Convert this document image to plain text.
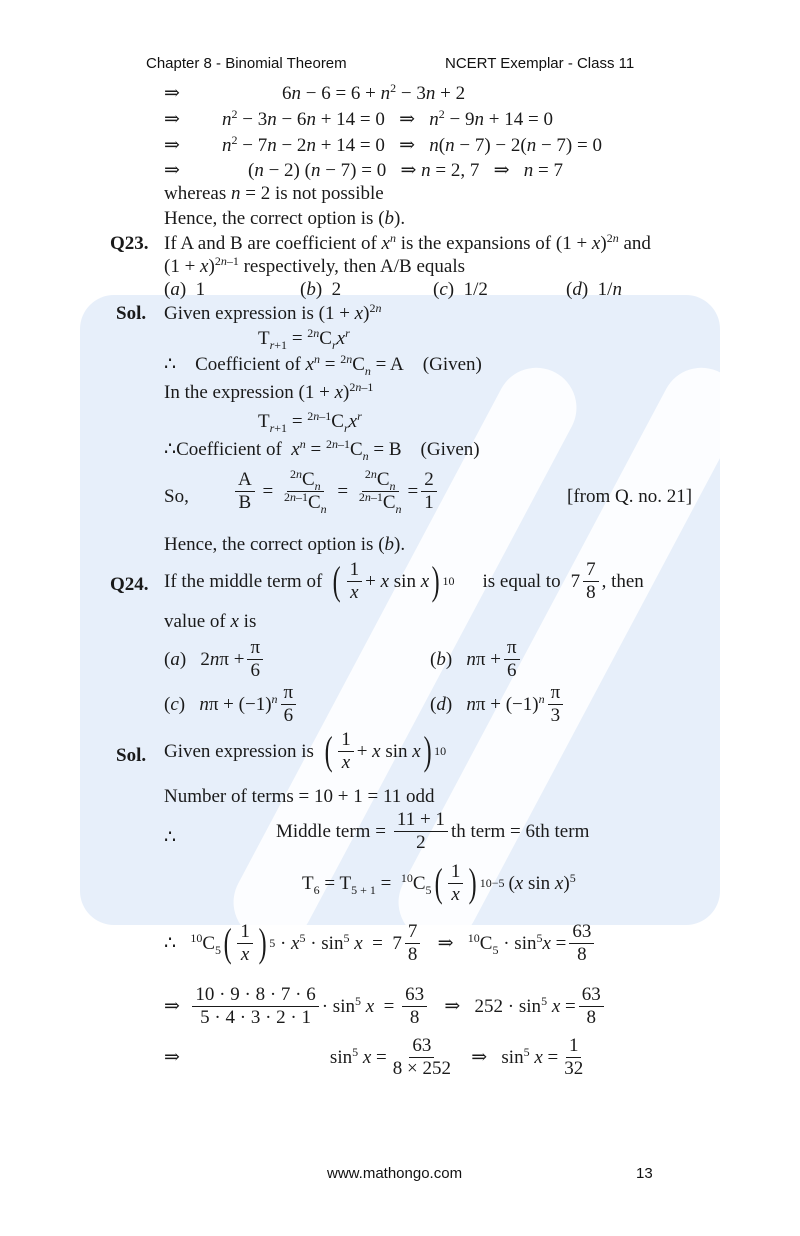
Chapter 8 - Binomial Theorem	NCERT Exemplar - Class 11
⇒	$6n - 6 = 6 + n^2 - 3n + 2$
⇒ $n^2 - 3n - 6n + 14 = 0$   ⇒   $n^2 - 9n + 14 = 0$
⇒ $n^2 - 7n - 2n + 14 = 0$   ⇒   n(n − 7) − 2(n − 7) = 0
⇒	(n − 2) (n − 7) = 0   ⇒ n = 2, 7   ⇒   n = 7
whereas n = 2 is not possible
Hence, the correct option is (b).
Q23. If A and B are coefficient of $x^n$ is the expansions of $(1 + x)^{2n}$ and
$(1 + x)^{2n-1}$ respectively, then A/B equals
(a)  1	(b)  2	(c)  1/2	(d)  1/n
Sol. Given expression is $(1 + x)^{2n}$
$T_{r+1} = ^{2n}C_rx^r$
∴    Coefficient of $x^n = ^{2n}C_n = A$    (Given)
In the expression $(1 + x)^{2n-1}$
$T_{r+1} = ^{2n-1}C_rx^r$
∴Coefficient of  $x^n = ^{2n-1}C_n = B$    (Given)
So, $\frac{A}{B} = \frac{^{2n}C_n}{^{2n-1}C_n} = \frac{^{2n}C_n}{^{2n-1}C_n} = \frac{2}{1}$	[from Q. no. 21]
Hence, the correct option is (b).
Q24. If the middle term of ( $\frac{1}{x} + x$ sin x ) 10 is equal to $7 \frac{7}{8}$ , then
value of x is
(a)   $2n\pi + \frac{\pi}{6}$	(b)   $n\pi + \frac{\pi}{6}$
(c)   $n\pi + (-1)^n \frac{\pi}{6}$	(d)   $n\pi + (-1)^n \frac{\pi}{3}$
Sol. Given expression is ( $\frac{1}{x} + x$ sin x ) 10
Number of terms = 10 + 1 = 11 odd
∴	Middle term = $\frac{11 + 1}{2}$ th term = 6th term
$T_6 = T_{5 + 1} = ^{10}C_5$ ( $\frac{1}{x}$ ) 10−5 (x sin x)$^5$
∴   $^{10}C_5$ ( $\frac{1}{x}$ ) $5 \cdot x^5 \cdot \sin^5 x = 7 \frac{7}{8}$ ⇒   $^{10}C_5 \cdot \sin^5x = \frac{63}{8}$
⇒ $\frac{10 \cdot 9 \cdot 8 \cdot 7 \cdot 6}{5 \cdot 4 \cdot 3 \cdot 2 \cdot 1} \cdot \sin^5 x = \frac{63}{8}$ ⇒   $252 \cdot \sin^5 x = \frac{63}{8}$
⇒	$\sin^5 x = \frac{63}{8 \times 252}$ ⇒   $\sin^5 x = \frac{1}{32}$
www.mathongo.com	13
